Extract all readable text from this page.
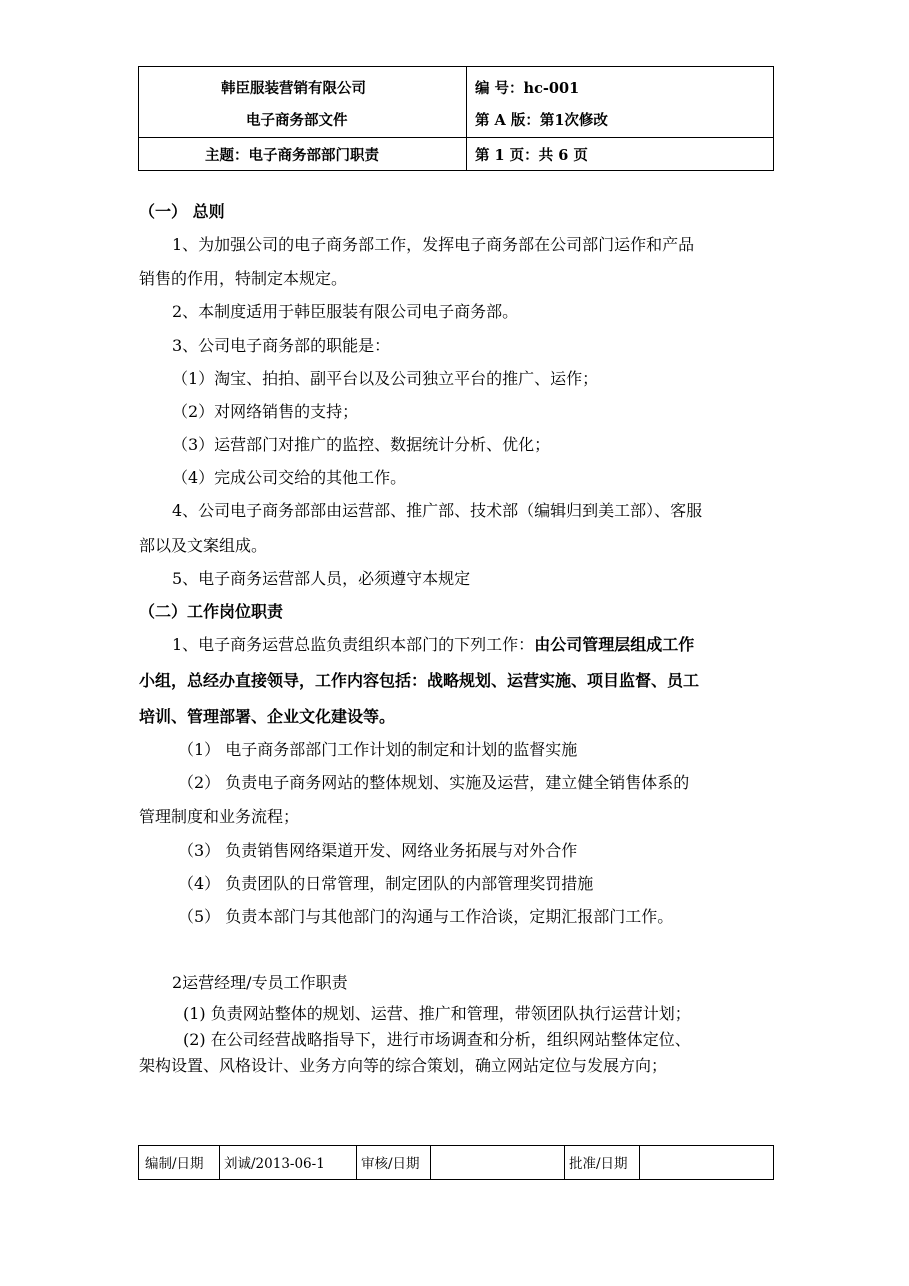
韩臣服装营销有限公司
电子商务部文件
主题：电子商务部部门职责
编 号：hc-001
第 A 版：第1次修改
第 1 页：共 6 页
（一） 总则
1、为加强公司的电子商务部工作，发挥电子商务部在公司部门运作和产品
销售的作用，特制定本规定。
2、本制度适用于韩臣服装有限公司电子商务部。
3、公司电子商务部的职能是：
（1）淘宝、拍拍、副平台以及公司独立平台的推广、运作；
（2）对网络销售的支持；
（3）运营部门对推广的监控、数据统计分析、优化；
（4）完成公司交给的其他工作。
4、公司电子商务部部由运营部、推广部、技术部（编辑归到美工部）、客服
部以及文案组成。
5、电子商务运营部人员，必须遵守本规定
（二）工作岗位职责
1、电子商务运营总监负责组织本部门的下列工作：由公司管理层组成工作
小组，总经办直接领导，工作内容包括：战略规划、运营实施、项目监督、员工
培训、管理部署、企业文化建设等。
（1） 电子商务部部门工作计划的制定和计划的监督实施
（2） 负责电子商务网站的整体规划、实施及运营，建立健全销售体系的
管理制度和业务流程；
（3） 负责销售网络渠道开发、网络业务拓展与对外合作
（4） 负责团队的日常管理，制定团队的内部管理奖罚措施
（5） 负责本部门与其他部门的沟通与工作洽谈，定期汇报部门工作。
2运营经理/专员工作职责
(1) 负责网站整体的规划、运营、推广和管理，带领团队执行运营计划；
(2) 在公司经营战略指导下，进行市场调查和分析，组织网站整体定位、
架构设置、风格设计、业务方向等的综合策划，确立网站定位与发展方向；
编制/日期 刘诚/2013-06-1	审核/日期	批准/日期
